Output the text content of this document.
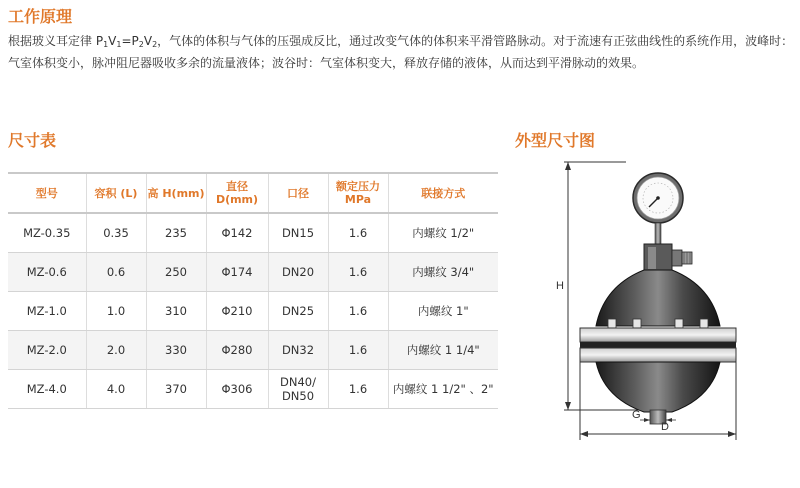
工作原理

根据玻义耳定律 $P_1V_1=P_2V_2$，气体的体积与气体的压强成反比，通过改变气体的体积来平滑管路脉动。对于流速有正弦曲线性的系统作用，波峰时：气室体积变小，脉冲阻尼器吸收多余的流量液体；波谷时：气室体积变大，释放存储的液体，从而达到平滑脉动的效果。

尺寸表	外型尺寸图
型号	容积 (L)	高 H(mm)	直径 D(mm)	口径	额定压力 MPa	联接方式
MZ-0.35	0.35	235	Φ142	DN15	1.6	内螺纹 1/2"
MZ-0.6	0.6	250	Φ174	DN20	1.6	内螺纹 3/4"
MZ-1.0	1.0	310	Φ210	DN25	1.6	内螺纹 1"
MZ-2.0	2.0	330	Φ280	DN32	1.6	内螺纹 1 1/4"
MZ-4.0	4.0	370	Φ306	DN40/ DN50	1.6	内螺纹 1 1/2" 、2"
H
G
D
